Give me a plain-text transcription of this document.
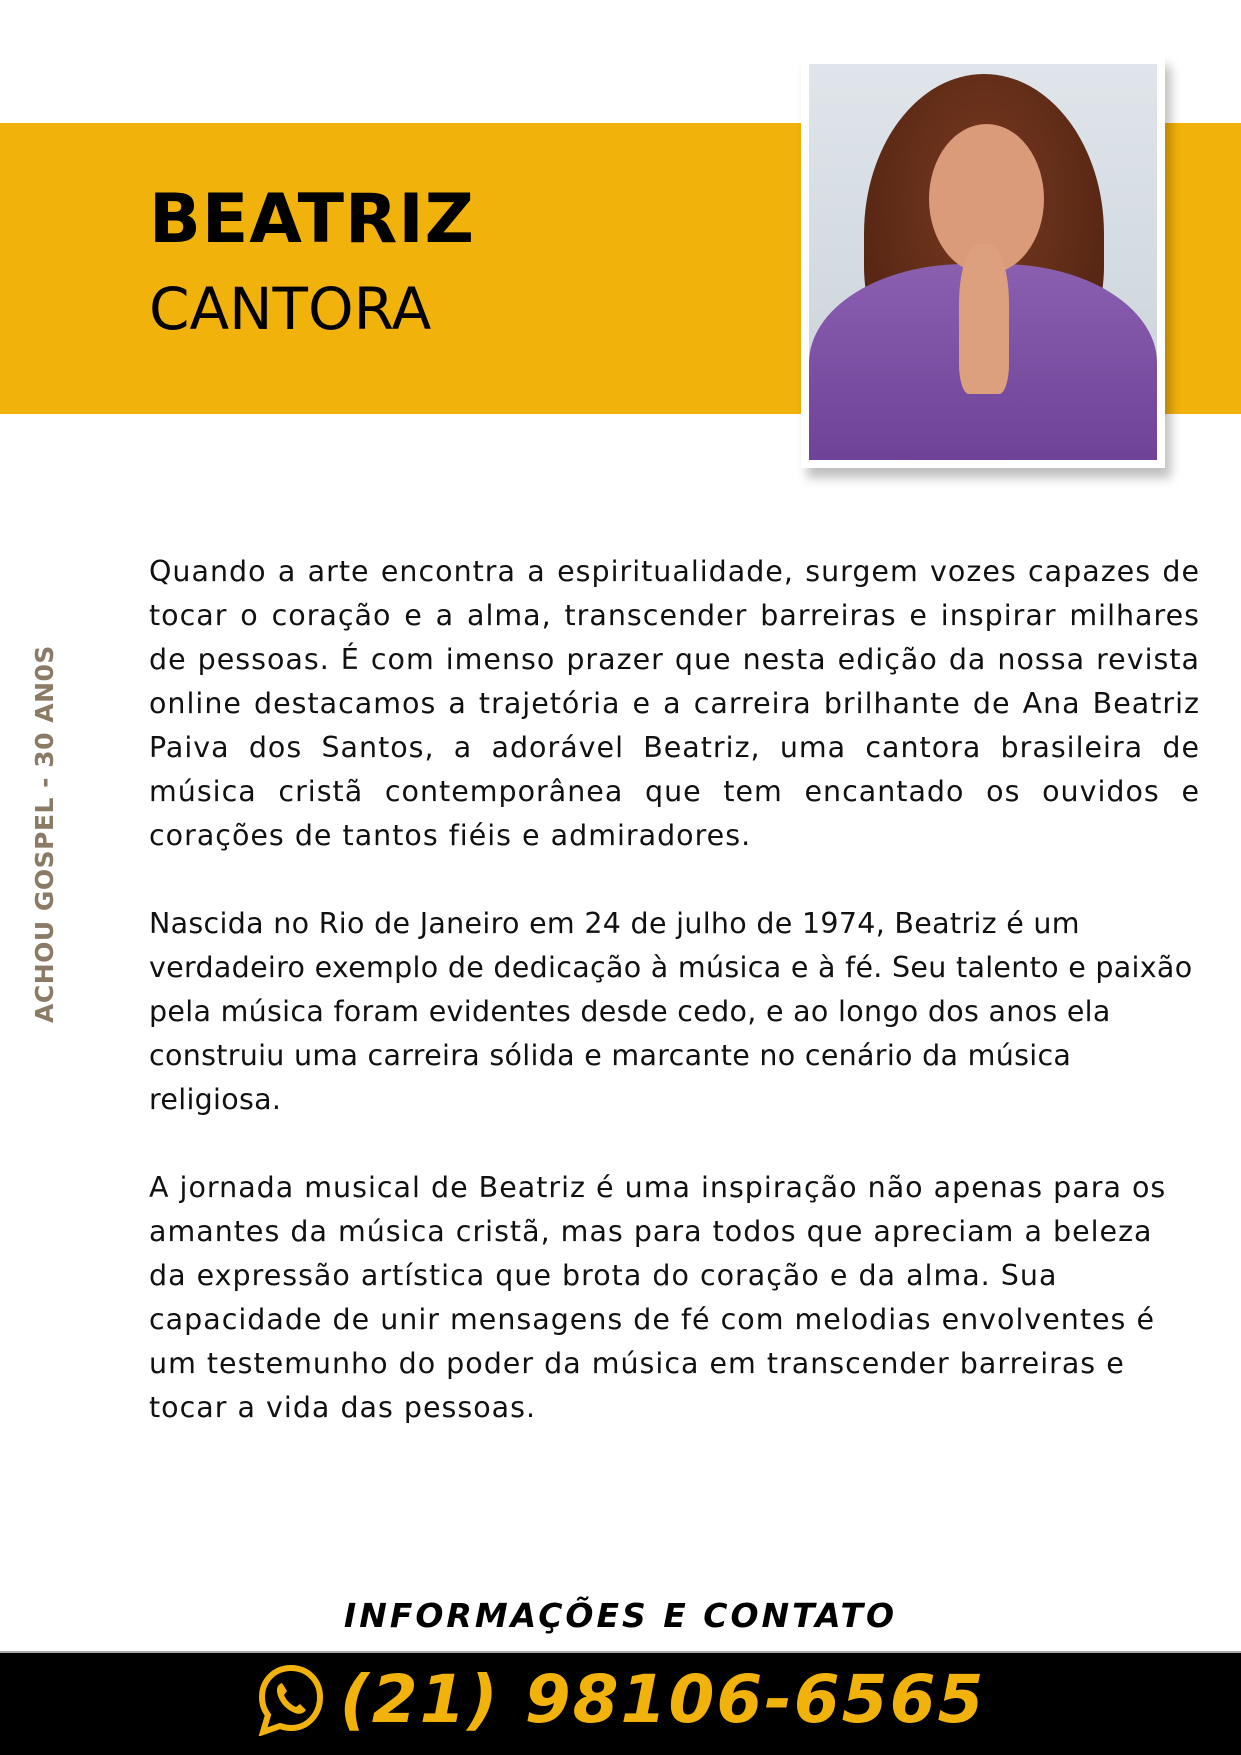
BEATRIZ
CANTORA
ACHOU GOSPEL - 30 AN0S

Quando a arte encontra a espiritualidade, surgem vozes capazes de tocar o coração e a alma, transcender barreiras e inspirar milhares de pessoas. É com imenso prazer que nesta edição da nossa revista online destacamos a trajetória e a carreira brilhante de Ana Beatriz Paiva dos Santos, a adorável Beatriz, uma cantora brasileira de música cristã contemporânea que tem encantado os ouvidos e corações de tantos fiéis e admiradores.

Nascida no Rio de Janeiro em 24 de julho de 1974, Beatriz é um verdadeiro exemplo de dedicação à música e à fé. Seu talento e paixão pela música foram evidentes desde cedo, e ao longo dos anos ela construiu uma carreira sólida e marcante no cenário da música religiosa.

A jornada musical de Beatriz é uma inspiração não apenas para os amantes da música cristã, mas para todos que apreciam a beleza da expressão artística que brota do coração e da alma. Sua capacidade de unir mensagens de fé com melodias envolventes é um testemunho do poder da música em transcender barreiras e tocar a vida das pessoas.

INFORMAÇÕES E CONTATO
(21) 98106-6565
